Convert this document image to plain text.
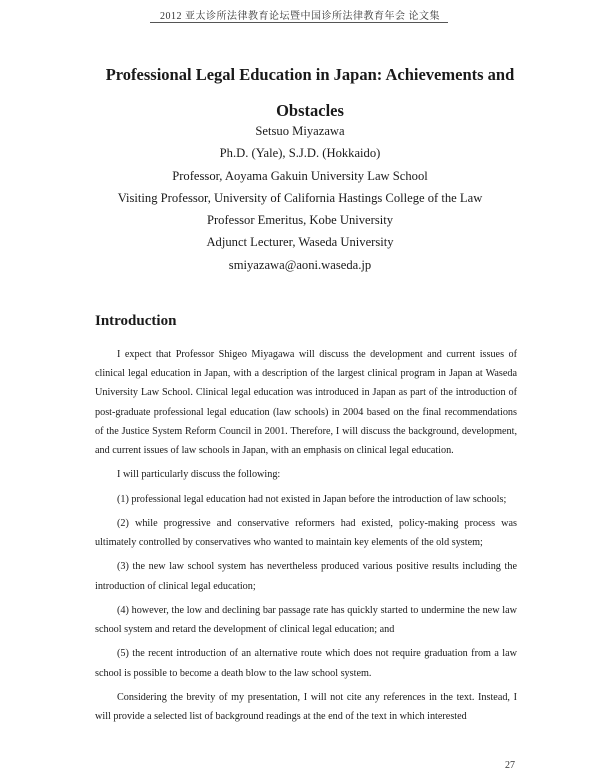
2012 亚太诊所法律教育论坛暨中国诊所法律教育年会 论文集
Professional Legal Education in Japan: Achievements and
Obstacles
Setsuo Miyazawa
Ph.D. (Yale), S.J.D. (Hokkaido)
Professor, Aoyama Gakuin University Law School
Visiting Professor, University of California Hastings College of the Law
Professor Emeritus, Kobe University
Adjunct Lecturer, Waseda University
smiyazawa@aoni.waseda.jp
Introduction

I expect that Professor Shigeo Miyagawa will discuss the development and current issues of clinical legal education in Japan, with a description of the largest clinical program in Japan at Waseda University Law School. Clinical legal education was introduced in Japan as part of the introduction of post-graduate professional legal education (law schools) in 2004 based on the final recommendations of the Justice System Reform Council in 2001. Therefore, I will discuss the background, development, and current issues of law schools in Japan, with an emphasis on clinical legal education.

I will particularly discuss the following:

(1) professional legal education had not existed in Japan before the introduction of law schools;

(2) while progressive and conservative reformers had existed, policy-making process was ultimately controlled by conservatives who wanted to maintain key elements of the old system;

(3) the new law school system has nevertheless produced various positive results including the introduction of clinical legal education;

(4) however, the low and declining bar passage rate has quickly started to undermine the new law school system and retard the development of clinical legal education; and

(5) the recent introduction of an alternative route which does not require graduation from a law school is possible to become a death blow to the law school system.

Considering the brevity of my presentation, I will not cite any references in the text. Instead, I will provide a selected list of background readings at the end of the text in which interested

27
